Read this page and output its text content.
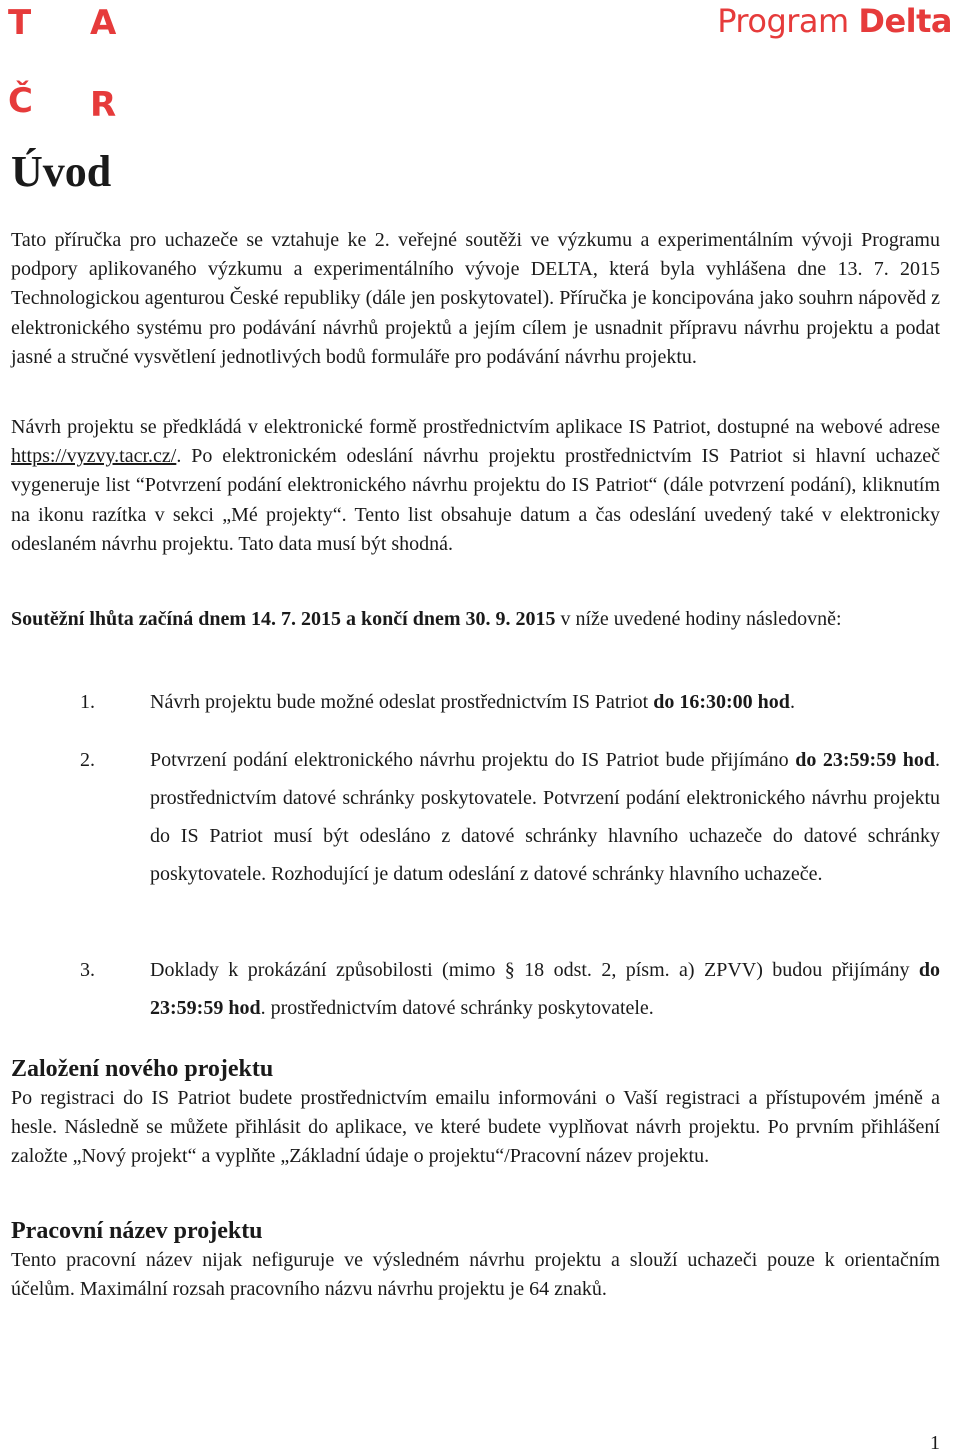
T A
Č R
Program Delta
Úvod

Tato příručka pro uchazeče se vztahuje ke 2. veřejné soutěži ve výzkumu a experimentálním vývoji Programu podpory aplikovaného výzkumu a experimentálního vývoje DELTA, která byla vyhlášena dne 13. 7. 2015 Technologickou agenturou České republiky (dále jen poskytovatel). Příručka je koncipována jako souhrn nápověd z elektronického systému pro podávání návrhů projektů a jejím cílem je usnadnit přípravu návrhu projektu a podat jasné a stručné vysvětlení jednotlivých bodů formuláře pro podávání návrhu projektu.

Návrh projektu se předkládá v elektronické formě prostřednictvím aplikace IS Patriot, dostupné na webové adrese https://vyzvy.tacr.cz/. Po elektronickém odeslání návrhu projektu prostřednictvím IS Patriot si hlavní uchazeč vygeneruje list “Potvrzení podání elektronického návrhu projektu do IS Patriot“ (dále potvrzení podání), kliknutím na ikonu razítka v sekci „Mé projekty“. Tento list obsahuje datum a čas odeslání uvedený také v elektronicky odeslaném návrhu projektu. Tato data musí být shodná.

Soutěžní lhůta začíná dnem 14. 7. 2015 a končí dnem 30. 9. 2015 v níže uvedené hodiny následovně:

1.	Návrh projektu bude možné odeslat prostřednictvím IS Patriot do 16:30:00 hod.
2.	Potvrzení podání elektronického návrhu projektu do IS Patriot bude přijímáno do 23:59:59 hod. prostřednictvím datové schránky poskytovatele. Potvrzení podání elektronického návrhu projektu do IS Patriot musí být odesláno z datové schránky hlavního uchazeče do datové schránky poskytovatele. Rozhodující je datum odeslání z datové schránky hlavního uchazeče.
3.	Doklady k prokázání způsobilosti (mimo § 18 odst. 2, písm. a) ZPVV) budou přijímány do 23:59:59 hod. prostřednictvím datové schránky poskytovatele.
Založení nového projektu

Po registraci do IS Patriot budete prostřednictvím emailu informováni o Vaší registraci a přístupovém jméně a hesle. Následně se můžete přihlásit do aplikace, ve které budete vyplňovat návrh projektu. Po prvním přihlášení založte „Nový projekt“ a vyplňte „Základní údaje o projektu“/Pracovní název projektu.

Pracovní název projektu

Tento pracovní název nijak nefiguruje ve výsledném návrhu projektu a slouží uchazeči pouze k orientačním účelům. Maximální rozsah pracovního názvu návrhu projektu je 64 znaků.

1
